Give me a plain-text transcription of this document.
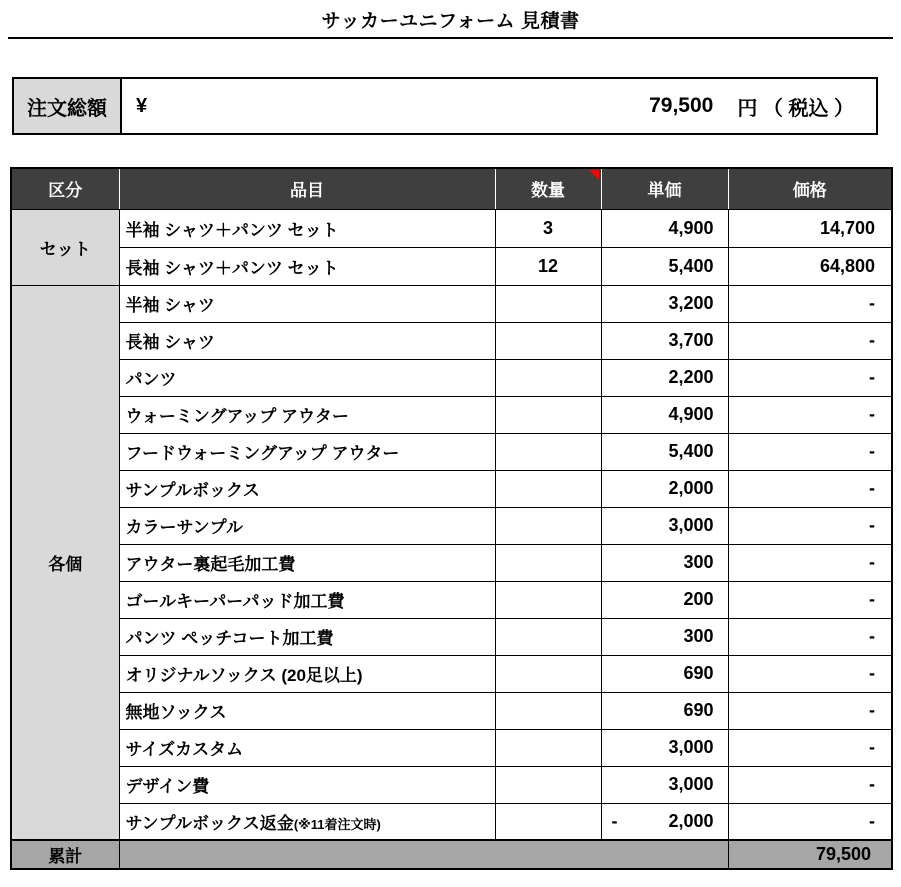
サッカーユニフォーム 見積書
注文総額	¥	79,500 円 （ 税込 ）
区分	品目	数量	単価	価格
セット	半袖 シャツ＋パンツ セット	3	4,900	14,700
	長袖 シャツ＋パンツ セット	12	5,400	64,800
各個	半袖 シャツ		3,200	-
	長袖 シャツ		3,700	-
	パンツ		2,200	-
	ウォーミングアップ アウター		4,900	-
	フードウォーミングアップ アウター		5,400	-
	サンプルボックス		2,000	-
	カラーサンプル		3,000	-
	アウター裏起毛加工費		300	-
	ゴールキーパーパッド加工費		200	-
	パンツ ペッチコート加工費		300	-
	オリジナルソックス (20足以上)		690	-
	無地ソックス		690	-
	サイズカスタム		3,000	-
	デザイン費		3,000	-
	サンプルボックス返金(※11着注文時)		- 2,000	-
累計				79,500
